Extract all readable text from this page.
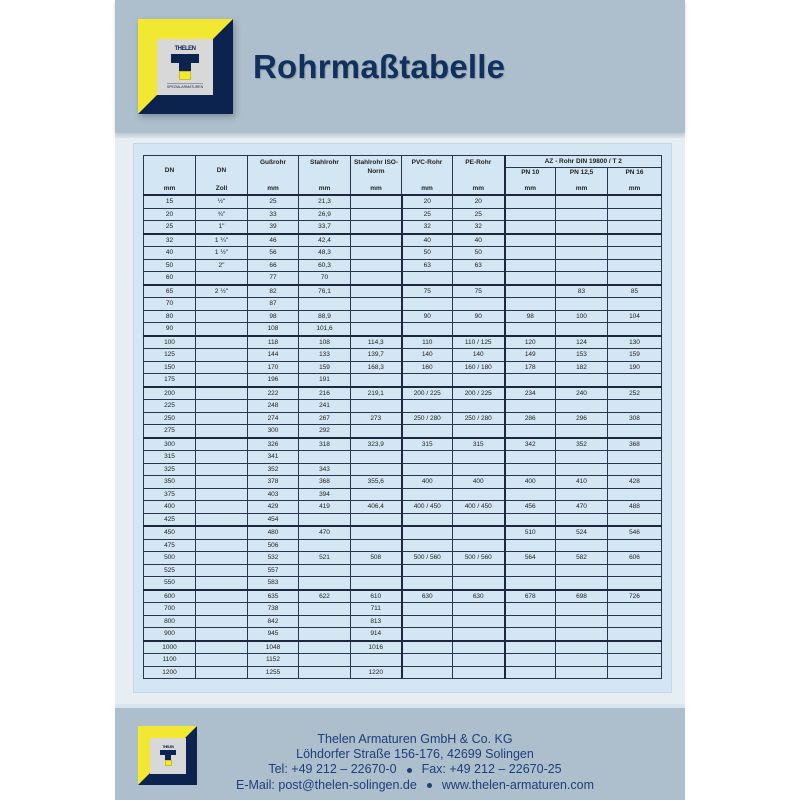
THELEN
SPEZIALARMATUREN
Rohrmaßtabelle
DN
mm

DN
Zoll

Gußrohr
mm

Stahlrohr
mm

Stahlrohr ISO-Norm
mm

PVC-Rohr
mm

PE-Rohr
mm
	AZ - Rohr DIN 19800 / T 2

PN 10
mm

PN 12,5
mm

PN 16
mm

15	½"	25	21,3		20	20			
20	¾"	33	26,9		25	25			
25	1"	39	33,7		32	32			
32	1 ¼"	46	42,4		40	40			
40	1 ½"	56	48,3		50	50			
50	2"	66	60,3		63	63			
60		77	70						
65	2 ½"	82	76,1		75	75		83	85
70		87							
80		98	88,9		90	90	98	100	104
90		108	101,6						
100		118	108	114,3	110	110 / 125	120	124	130
125		144	133	139,7	140	140	149	153	159
150		170	159	168,3	160	160 / 180	178	182	190
175		196	191						
200		222	216	219,1	200 / 225	200 / 225	234	240	252
225		248	241						
250		274	267	273	250 / 280	250 / 280	286	296	308
275		300	292						
300		326	318	323,9	315	315	342	352	368
315		341							
325		352	343						
350		378	368	355,6	400	400	400	410	428
375		403	394						
400		429	419	406,4	400 / 450	400 / 450	456	470	488
425		454							
450		480	470				510	524	546
475		506							
500		532	521	508	500 / 560	500 / 560	564	582	606
525		557							
550		583							
600		635	622	610	630	630	678	698	726
700		738		711					
800		842		813					
900		945		914					
1000		1048		1016					
1100		1152							
1200		1255		1220					
THELEN
Thelen Armaturen GmbH & Co. KG
Löhdorfer Straße 156-176, 42699 Solingen
Tel: +49 212 – 22670-0 Fax: +49 212 – 22670-25
E-Mail: post@thelen-solingen.de www.thelen-armaturen.com
